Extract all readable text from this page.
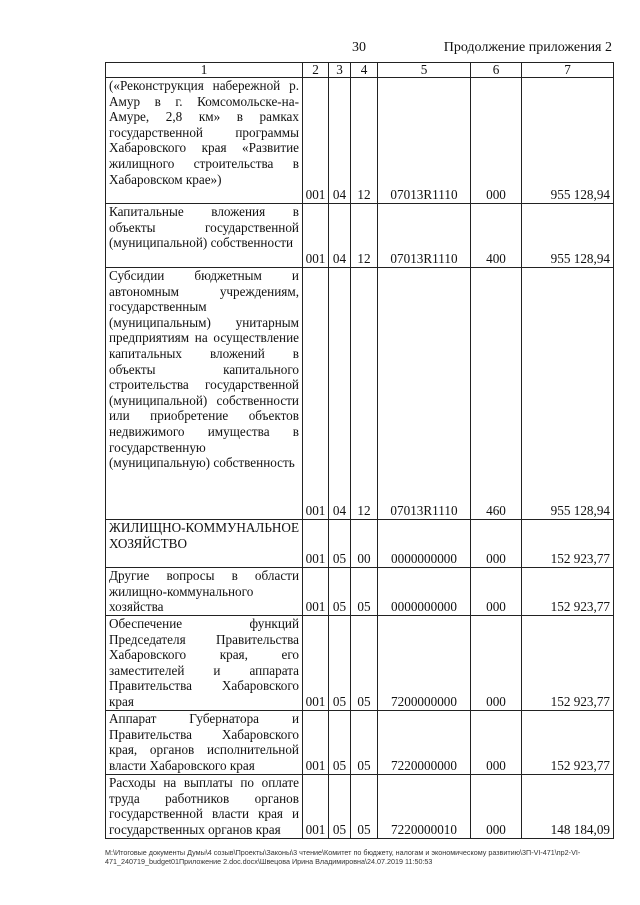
30	Продолжение приложения 2
1	2	3	4	5	6	7
(«Реконструкция набережной р. Амур в г. Комсомольске-на-Амуре, 2,8 км» в рамках государственной программы Хабаровского края «Развитие жилищного строительства в Хабаровском крае»)	001	04	12	07013R1110	000	955 128,94
Капитальные вложения в объекты государственной (муниципальной) собственности	001	04	12	07013R1110	400	955 128,94
Субсидии бюджетным и автономным учреждениям, государственным (муниципальным) унитарным предприятиям на осуществление капитальных вложений в объекты капитального строительства государственной (муниципальной) собственности или приобретение объектов недвижимого имущества в государственную (муниципальную) собственность	001	04	12	07013R1110	460	955 128,94
ЖИЛИЩНО-КОММУНАЛЬНОЕ ХОЗЯЙСТВО	001	05	00	0000000000	000	152 923,77
Другие вопросы в области жилищно-коммунального хозяйства	001	05	05	0000000000	000	152 923,77
Обеспечение функций Председателя Правительства Хабаровского края, его заместителей и аппарата Правительства Хабаровского края	001	05	05	7200000000	000	152 923,77
Аппарат Губернатора и Правительства Хабаровского края, органов исполнительной власти Хабаровского края	001	05	05	7220000000	000	152 923,77
Расходы на выплаты по оплате труда работников органов государственной власти края и государственных органов края	001	05	05	7220000010	000	148 184,09
М:\Итоговые документы Думы\4 созыв\Проекты\Законы\3 чтение\Комитет по бюджету, налогам и экономическому развитию\3П-VI-471\пр2-VI-471_240719_budget01Приложение 2.doc.docx\Швецова Ирина Владимировна\24.07.2019 11:50:53
